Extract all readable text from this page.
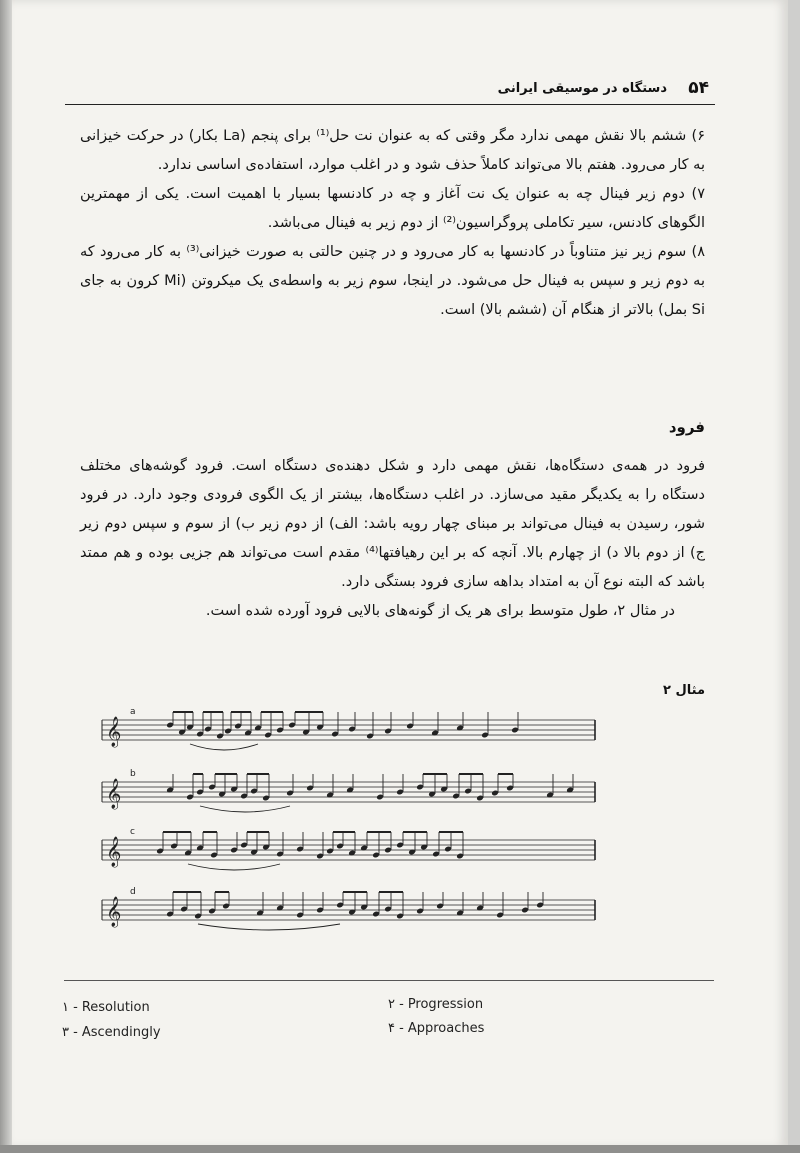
۵۴
دستگاه در موسیقی ایرانی

۶) ششم بالا نقش مهمی ندارد مگر وقتی که به عنوان نت حل⁽¹⁾ برای پنجم (La بکار) در حرکت خیزانی به کار می‌رود. هفتم بالا می‌تواند کاملاً حذف شود و در اغلب موارد، استفاده‌ی اساسی ندارد.

۷) دوم زیر فینال چه به عنوان یک نت آغاز و چه در کادنسها بسیار با اهمیت است. یکی از مهمترین الگوهای کادنس، سیر تکاملی پروگراسیون⁽²⁾ از دوم زیر به فینال می‌باشد.

۸) سوم زیر نیز متناوباً در کادنسها به کار می‌رود و در چنین حالتی به صورت خیزانی⁽³⁾ به کار می‌رود که به دوم زیر و سپس به فینال حل می‌شود. در اینجا، سوم زیر به واسطه‌ی یک میکروتن (Mi کرون به جای Si بمل) بالاتر از هنگام آن (ششم بالا) است.

فرود

فرود در همه‌ی دستگاه‌ها، نقش مهمی دارد و شکل دهنده‌ی دستگاه است. فرود گوشه‌های مختلف دستگاه را به یکدیگر مقید می‌سازد. در اغلب دستگاه‌ها، بیشتر از یک الگوی فرودی وجود دارد. در فرود شور، رسیدن به فینال می‌تواند بر مبنای چهار رویه باشد: الف) از دوم زیر ب) از سوم و سپس دوم زیر ج) از دوم بالا د) از چهارم بالا. آنچه که بر این رهیافتها⁽⁴⁾ مقدم است می‌تواند هم جزیی بوده و هم ممتد باشد که البته نوع آن به امتداد بداهه سازی فرود بستگی دارد.

در مثال ۲، طول متوسط برای هر یک از گونه‌های بالایی فرود آورده شده است.

مثال ۲
𝄞
a
𝄞
b
𝄞
c
𝄞
d
۱ - Resolution
۳ - Ascendingly
۲ - Progression
۴ - Approaches
